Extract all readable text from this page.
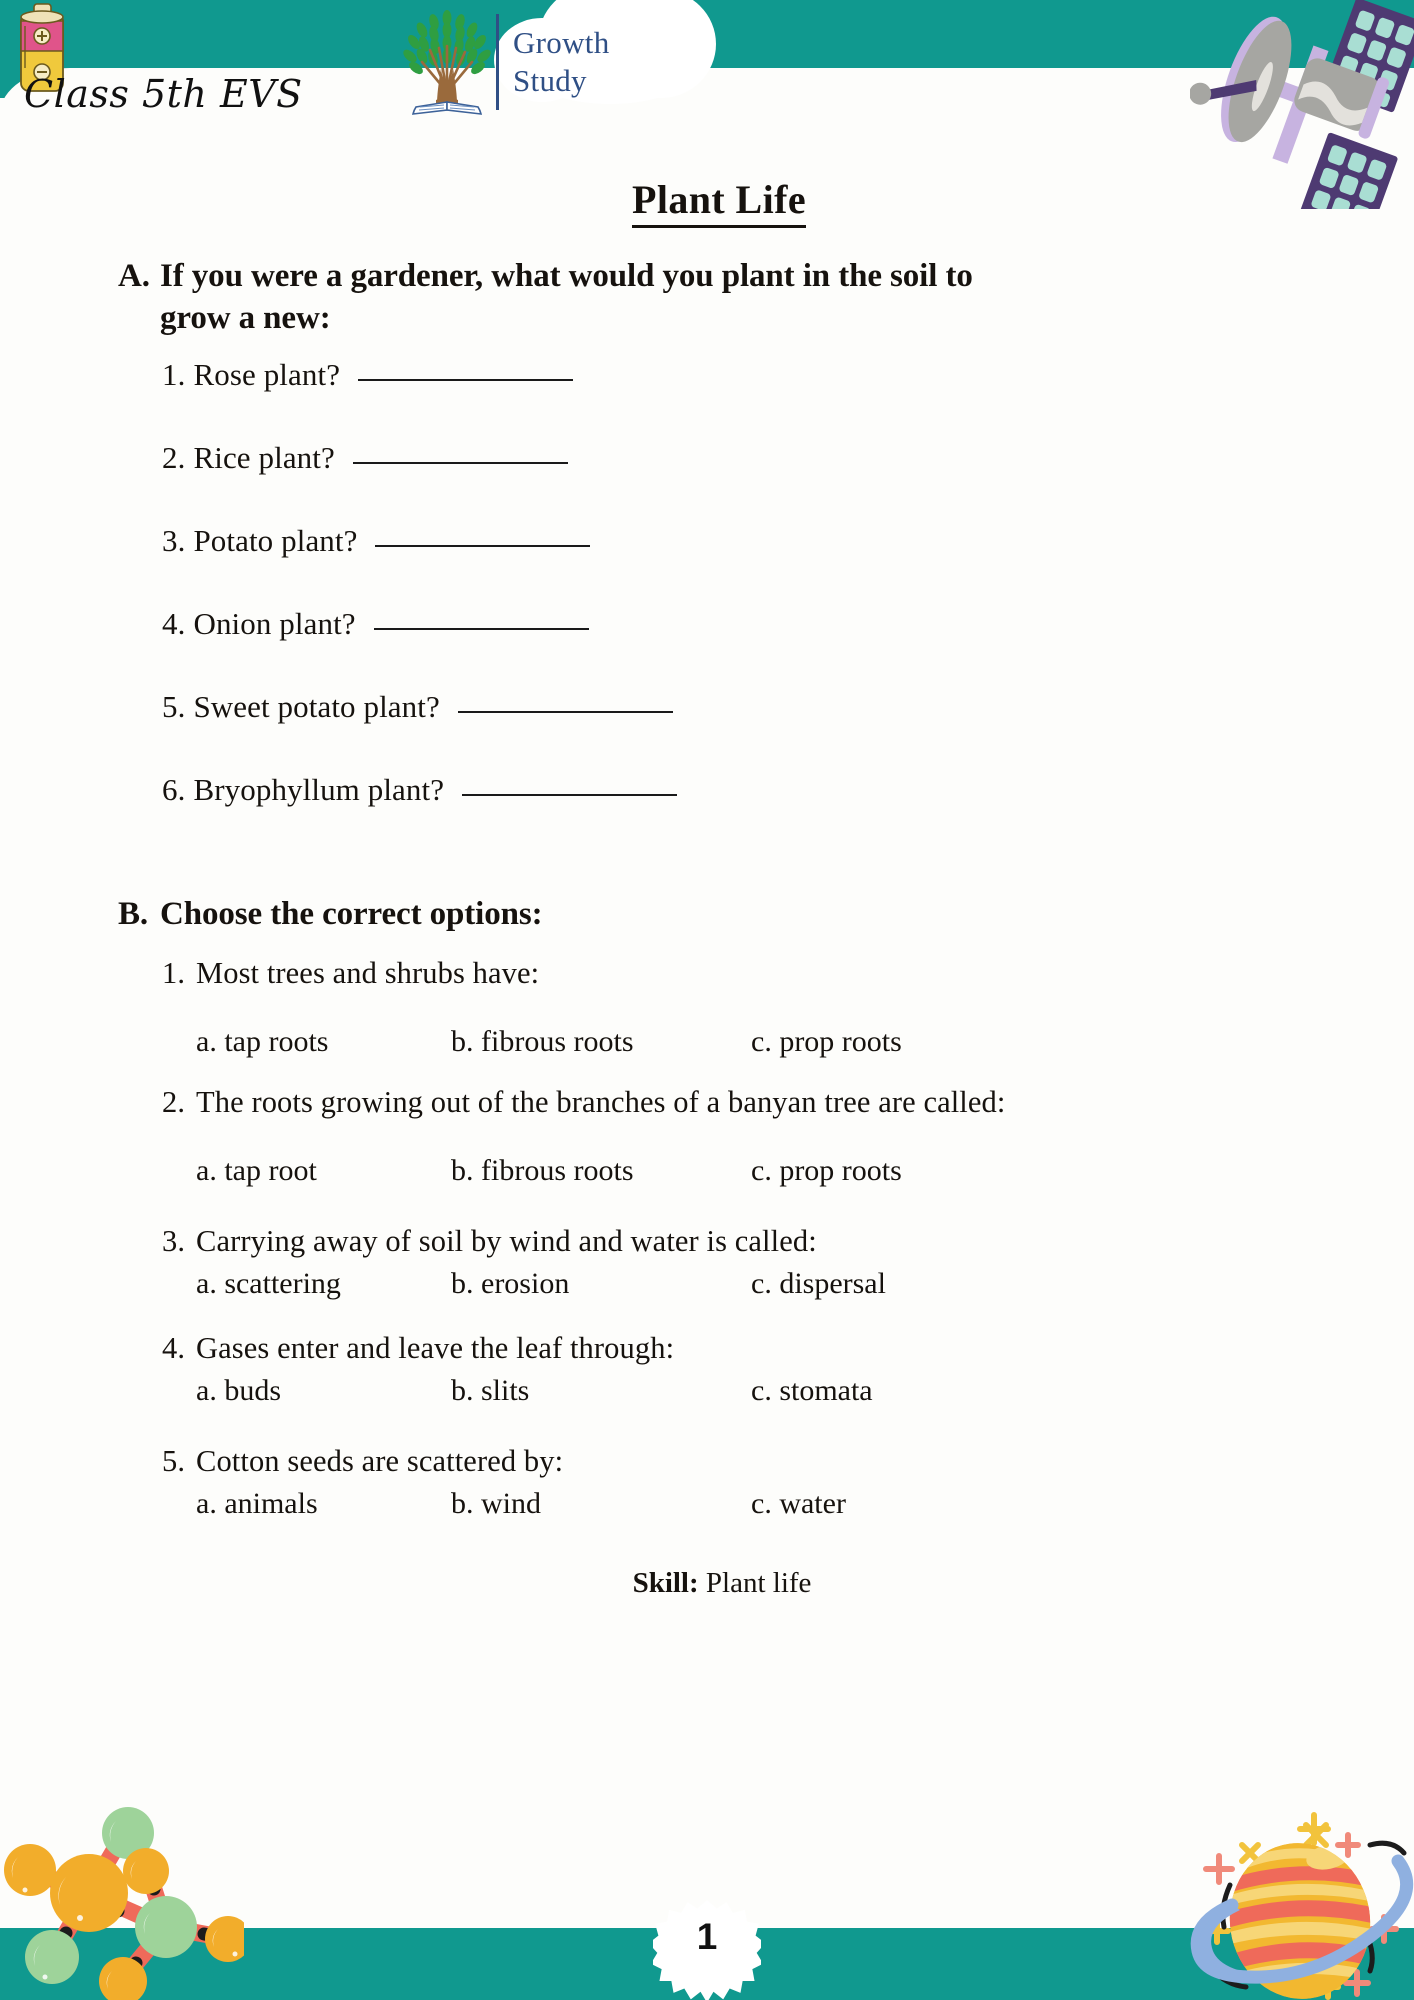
Growth
Study
Class 5th EVS
Plant Life
A. If you were a gardener, what would you plant in the soil to grow a new:
1. Rose plant?
2. Rice plant?
3. Potato plant?
4. Onion plant?
5. Sweet potato plant?
6. Bryophyllum plant?
B. Choose the correct options:
1. Most trees and shrubs have:
a. tap roots	b. fibrous roots	c. prop roots
2. The roots growing out of the branches of a banyan tree are called:
a. tap root	b. fibrous roots	c. prop roots
3. Carrying away of soil by wind and water is called:
a. scattering	b. erosion	c. dispersal
4. Gases enter and leave the leaf through:
a. buds	b. slits	c. stomata
5. Cotton seeds are scattered by:
a. animals	b. wind	c. water
Skill: Plant life
1
